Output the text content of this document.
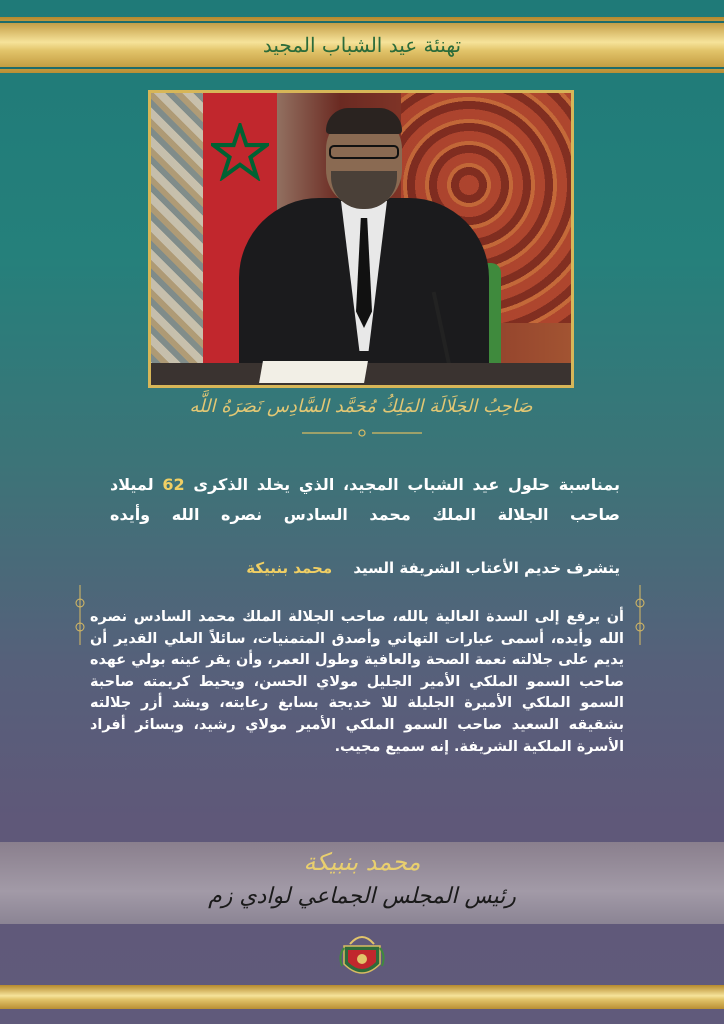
تهنئة عيد الشباب المجيد
صَاحِبُ الجَلَالَة المَلِكُ مُحَمَّد السَّادِس نَصَرَهُ اللَّه
بمناسبة حلول عيد الشباب المجيد، الذي يخلد الذكرى 62 لميلاد
صاحب الجلالة الملك محمد السادس نصره الله وأيده
يتشرف خديم الأعتاب الشريفة السيد محمد بنبيكة
أن يرفع إلى السدة العالية بالله، صاحب الجلالة الملك محمد السادس نصره الله وأيده، أسمى عبارات التهاني وأصدق المتمنيات، سائلاً العلي القدير أن يديم على جلالته نعمة الصحة والعافية وطول العمر، وأن يقر عينه بولي عهده صاحب السمو الملكي الأمير الجليل مولاي الحسن، ويحيط كريمته صاحبة السمو الملكي الأميرة الجليلة للا خديجة بسابغ رعايته، ويشد أزر جلالته بشقيقه السعيد صاحب السمو الملكي الأمير مولاي رشيد، وبسائر أفراد الأسرة الملكية الشريفة. إنه سميع مجيب.
محمد بنبيكة
رئيس المجلس الجماعي لوادي زم
